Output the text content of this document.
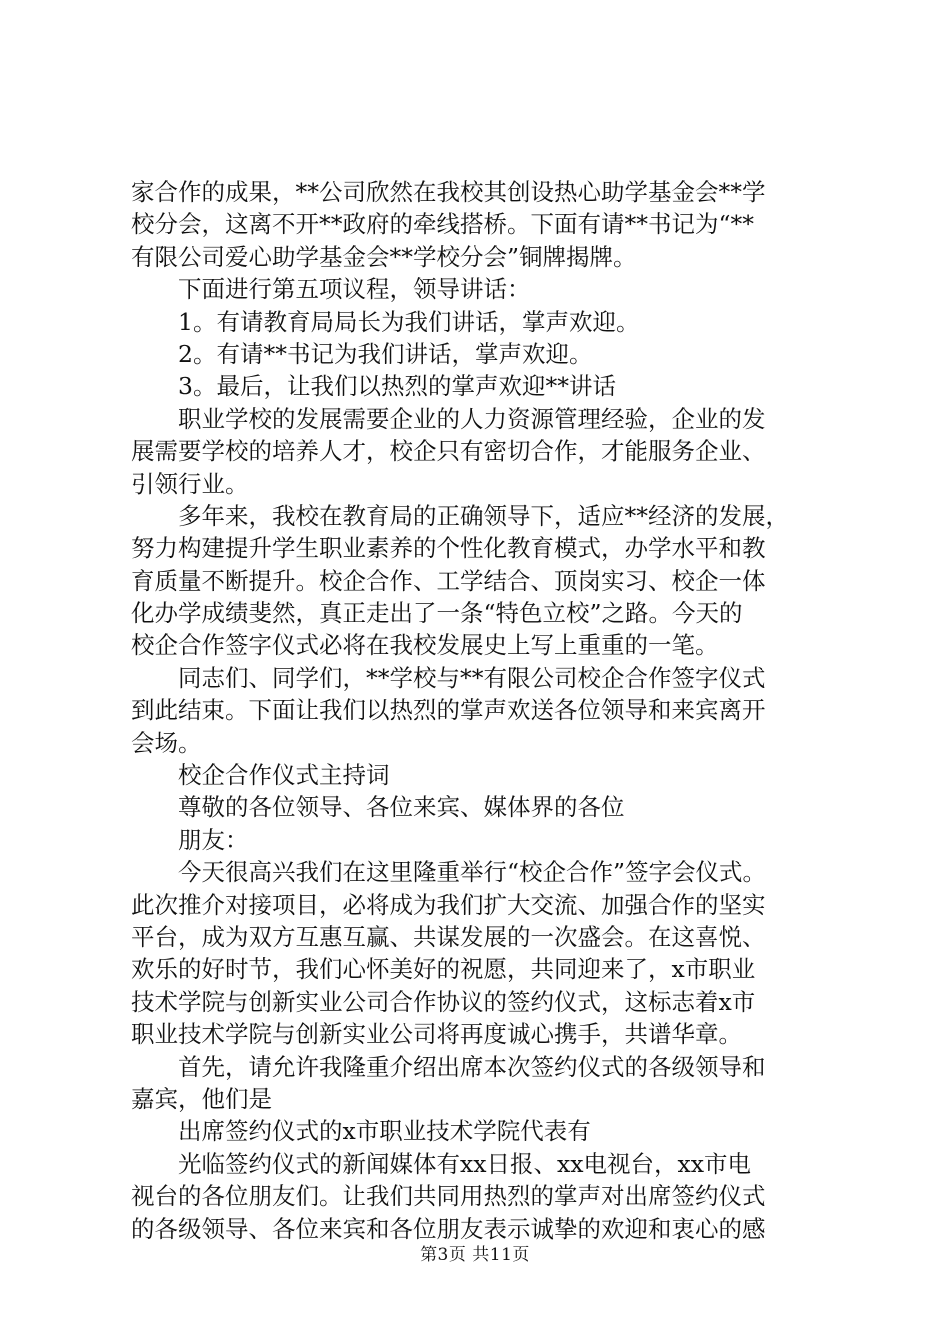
家合作的成果，**公司欣然在我校其创设热心助学基金会**学
校分会，这离不开**政府的牵线搭桥。下面有请**书记为“**
有限公司爱心助学基金会**学校分会”铜牌揭牌。
　　下面进行第五项议程，领导讲话：
　　1。有请教育局局长为我们讲话，掌声欢迎。
　　2。有请**书记为我们讲话，掌声欢迎。
　　3。最后，让我们以热烈的掌声欢迎**讲话
　　职业学校的发展需要企业的人力资源管理经验，企业的发
展需要学校的培养人才，校企只有密切合作，才能服务企业、
引领行业。
　　多年来，我校在教育局的正确领导下，适应**经济的发展，
努力构建提升学生职业素养的个性化教育模式，办学水平和教
育质量不断提升。校企合作、工学结合、顶岗实习、校企一体
化办学成绩斐然，真正走出了一条“特色立校”之路。今天的
校企合作签字仪式必将在我校发展史上写上重重的一笔。
　　同志们、同学们，**学校与**有限公司校企合作签字仪式
到此结束。下面让我们以热烈的掌声欢送各位领导和来宾离开
会场。
　　校企合作仪式主持词
　　尊敬的各位领导、各位来宾、媒体界的各位
　　朋友：
　　今天很高兴我们在这里隆重举行“校企合作”签字会仪式。
此次推介对接项目，必将成为我们扩大交流、加强合作的坚实
平台，成为双方互惠互赢、共谋发展的一次盛会。在这喜悦、
欢乐的好时节，我们心怀美好的祝愿，共同迎来了，x市职业
技术学院与创新实业公司合作协议的签约仪式，这标志着x市
职业技术学院与创新实业公司将再度诚心携手，共谱华章。
　　首先，请允许我隆重介绍出席本次签约仪式的各级领导和
嘉宾，他们是
　　出席签约仪式的x市职业技术学院代表有
　　光临签约仪式的新闻媒体有xx日报、xx电视台，xx市电
视台的各位朋友们。让我们共同用热烈的掌声对出席签约仪式
的各级领导、各位来宾和各位朋友表示诚挚的欢迎和衷心的感
第3页 共11页
